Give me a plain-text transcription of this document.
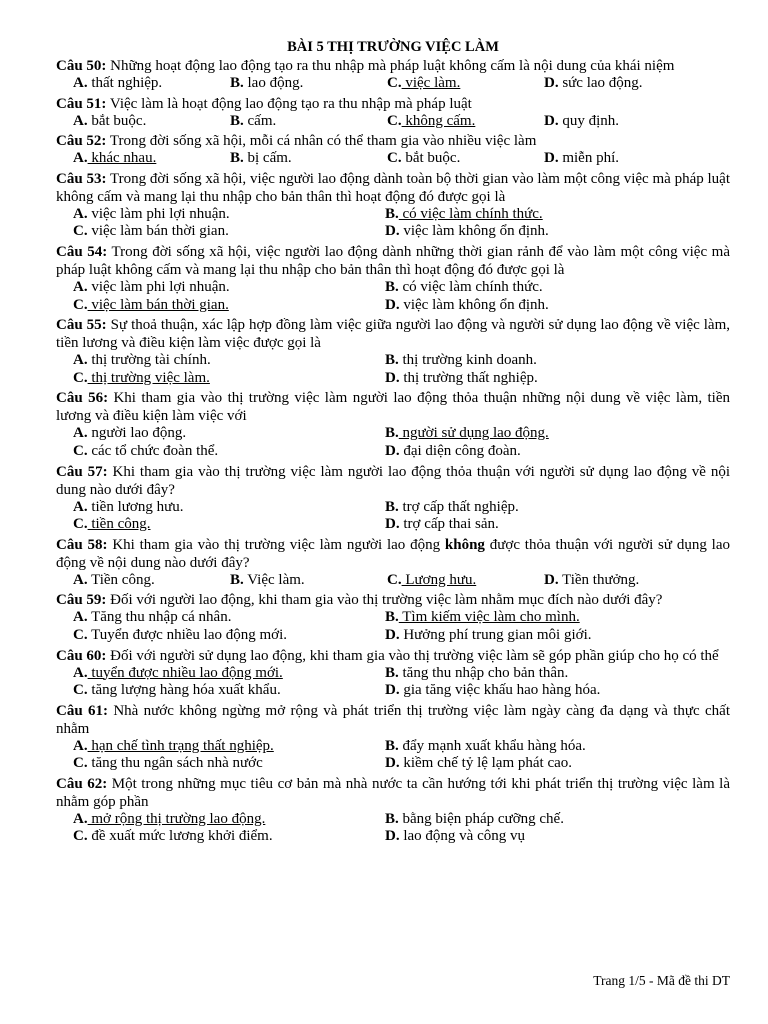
BÀI 5 THỊ TRƯỜNG VIỆC LÀM
Câu 50: Những hoạt động lao động tạo ra thu nhập mà pháp luật không cấm là nội dung của khái niệm
A. thất nghiệp.	B. lao động.	C. việc làm.	D. sức lao động.
Câu 51: Việc làm là hoạt động lao động tạo ra thu nhập mà pháp luật
A. bắt buộc.	B. cấm.	C. không cấm.	D. quy định.
Câu 52: Trong đời sống xã hội, mỗi cá nhân có thể tham gia vào nhiều việc làm
A. khác nhau.	B. bị cấm.	C. bắt buộc.	D. miễn phí.
Câu 53: Trong đời sống xã hội, việc người lao động dành toàn bộ thời gian vào làm một công việc mà pháp luật không cấm và mang lại thu nhập cho bản thân thì hoạt động đó được gọi là
A. việc làm phi lợi nhuận.	B. có việc làm chính thức.
C. việc làm bán thời gian.	D. việc làm không ổn định.
Câu 54: Trong đời sống xã hội, việc người lao động dành những thời gian rảnh để vào làm một công việc mà pháp luật không cấm và mang lại thu nhập cho bản thân thì hoạt động đó được gọi là
A. việc làm phi lợi nhuận.	B. có việc làm chính thức.
C. việc làm bán thời gian.	D. việc làm không ổn định.
Câu 55: Sự thoả thuận, xác lập hợp đồng làm việc giữa người lao động và người sử dụng lao động về việc làm, tiền lương và điều kiện làm việc được gọi là
A. thị trường tài chính.	B. thị trường kinh doanh.
C. thị trường việc làm.	D. thị trường thất nghiệp.
Câu 56: Khi tham gia vào thị trường việc làm người lao động thỏa thuận những nội dung về việc làm, tiền lương và điều kiện làm việc với
A. người lao động.	B. người sử dụng lao động.
C. các tổ chức đoàn thể.	D. đại diện công đoàn.
Câu 57: Khi tham gia vào thị trường việc làm người lao động thỏa thuận với người sử dụng lao động về nội dung nào dưới đây?
A. tiền lương hưu.	B. trợ cấp thất nghiệp.
C. tiền công.	D. trợ cấp thai sản.
Câu 58: Khi tham gia vào thị trường việc làm người lao động không được thỏa thuận với người sử dụng lao động về nội dung nào dưới đây?
A. Tiền công.	B. Việc làm.	C. Lương hưu.	D. Tiền thưởng.
Câu 59: Đối với người lao động, khi tham gia vào thị trường việc làm nhằm mục đích nào dưới đây?
A. Tăng thu nhập cá nhân.	B. Tìm kiếm việc làm cho mình.
C. Tuyển được nhiều lao động mới.	D. Hưởng phí trung gian môi giới.
Câu 60: Đối với người sử dụng lao động, khi tham gia vào thị trường việc làm sẽ góp phần giúp cho họ có thể
A. tuyển được nhiều lao động mới.	B. tăng thu nhập cho bản thân.
C. tăng lượng hàng hóa xuất khẩu.	D. gia tăng việc khấu hao hàng hóa.
Câu 61: Nhà nước không ngừng mở rộng và phát triển thị trường việc làm ngày càng đa dạng và thực chất nhằm
A. hạn chế tình trạng thất nghiệp.	B. đẩy mạnh xuất khẩu hàng hóa.
C. tăng thu ngân sách nhà nước	D. kiềm chế tỷ lệ lạm phát cao.
Câu 62: Một trong những mục tiêu cơ bản mà nhà nước ta cần hướng tới khi phát triển thị trường việc làm là nhằm góp phần
A. mở rộng thị trường lao động.	B. bằng biện pháp cưỡng chế.
C. đề xuất mức lương khởi điểm.	D. lao động và công vụ
Trang 1/5 - Mã đề thi DT
